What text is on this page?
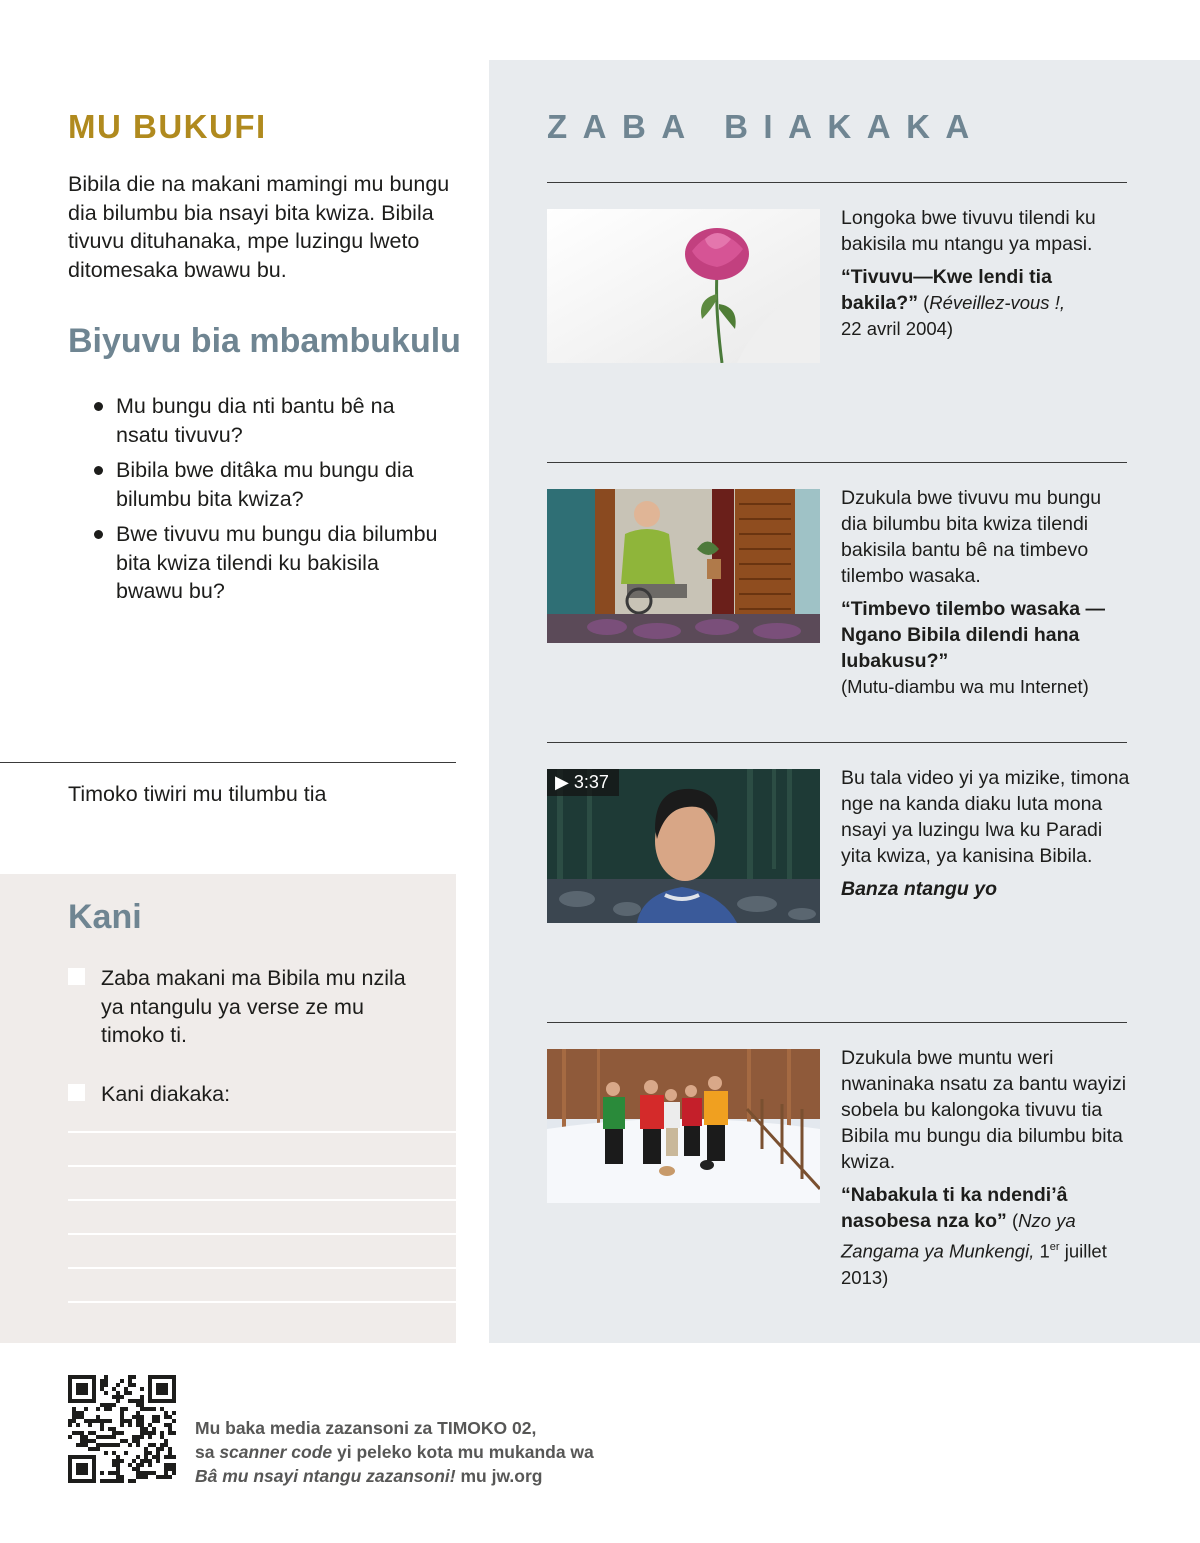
MU BUKUFI

Bibila die na makani mamingi mu bungu dia bilumbu bia nsayi bita kwiza. Bibila tivuvu dituhanaka, mpe luzingu lweto ditomesaka bwawu bu.

Biyuvu bia mbambukulu
Mu bungu dia nti bantu bê na nsatu tivuvu?
Bibila bwe ditâka mu bungu dia bilumbu bita kwiza?
Bwe tivuvu mu bungu dia bilumbu bita kwiza tilendi ku bakisila bwawu bu?
Timoko tiwiri mu tilumbu tia
Kani
Zaba makani ma Bibila mu nzila ya ntangulu ya verse ze mu timoko ti.
Kani diakaka:
ZABA BIAKAKA
Longoka bwe tivuvu tilendi ku bakisila mu ntangu ya mpasi.
“Tivuvu—Kwe lendi tia bakila?” (Réveillez-vous !,
22 avril 2004)
Dzukula bwe tivuvu mu bungu dia bilumbu bita kwiza tilendi bakisila bantu bê na timbevo tilembo wasaka.
“Timbevo tilembo wasaka —Ngano Bibila dilendi hana lubakusu?”
(Mutu-diambu wa mu Internet)
▶ 3:37	Bu tala video yi ya mizike, timona nge na kanda diaku luta mona nsayi ya luzingu lwa ku Paradi yita kwiza, ya kanisina Bibila.
Banza ntangu yo
Dzukula bwe muntu weri nwaninaka nsatu za bantu wayizi sobela bu kalongoka tivuvu tia Bibila mu bungu dia bilumbu bita kwiza.
“Nabakula ti ka ndendi’â nasobesa nza ko” (Nzo ya Zangama ya Munkengi, 1er juillet 2013)
Mu baka media zazansoni za TIMOKO 02,
sa scanner code yi peleko kota mu mukanda wa
Bâ mu nsayi ntangu zazansoni! mu jw.org
